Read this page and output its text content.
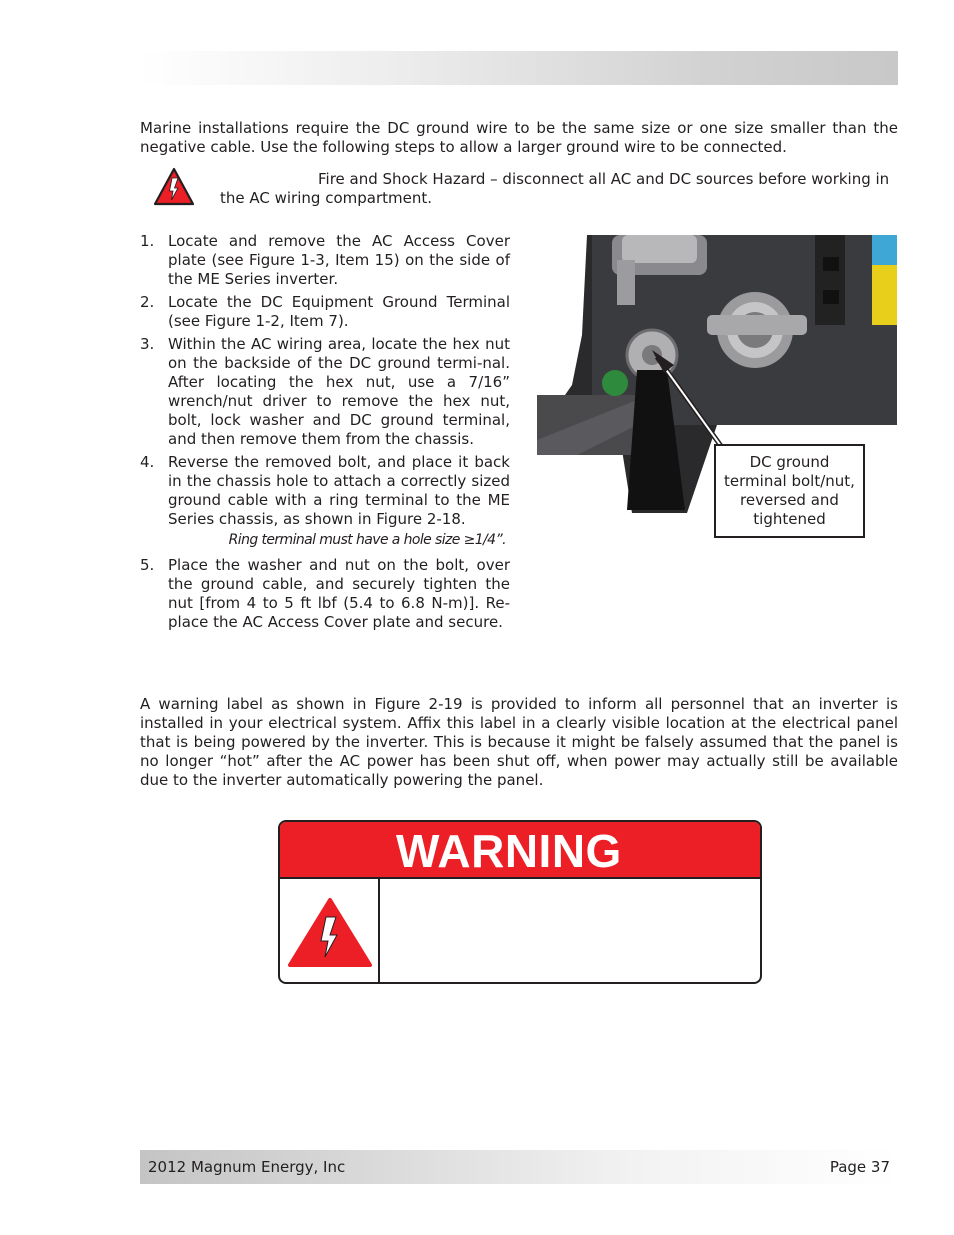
Marine installations require the DC ground wire to be the same size or one size smaller than the negative cable. Use the following steps to allow a larger ground wire to be connected.

Fire and Shock Hazard – disconnect all AC and DC sources before working in the AC wiring compartment.

1. Locate and remove the AC Access Cover plate (see Figure 1-3, Item 15) on the side of the ME Series inverter.
2. Locate the DC Equipment Ground Terminal (see Figure 1-2, Item 7).
3. Within the AC wiring area, locate the hex nut on the backside of the DC ground termi-nal. After locating the hex nut, use a 7/16” wrench/nut driver to remove the hex nut, bolt, lock washer and DC ground terminal, and then remove them from the chassis.
4. Reverse the removed bolt, and place it back in the chassis hole to attach a correctly sized ground cable with a ring terminal to the ME Series chassis, as shown in Figure 2-18.
Ring terminal must have a hole size ≥1/4”.
5. Place the washer and nut on the bolt, over the ground cable, and securely tighten the nut [from 4 to 5 ft lbf (5.4 to 6.8 N-m)]. Re-place the AC Access Cover plate and secure.
DC ground
terminal bolt/nut,
reversed and
tightened

A warning label as shown in Figure 2-19 is provided to inform all personnel that an inverter is installed in your electrical system. Affix this label in a clearly visible location at the electrical panel that is being powered by the inverter. This is because it might be falsely assumed that the panel is no longer “hot” after the AC power has been shut off, when power may actually still be available due to the inverter automatically powering the panel.

WARNING
2012 Magnum Energy, Inc	Page 37
